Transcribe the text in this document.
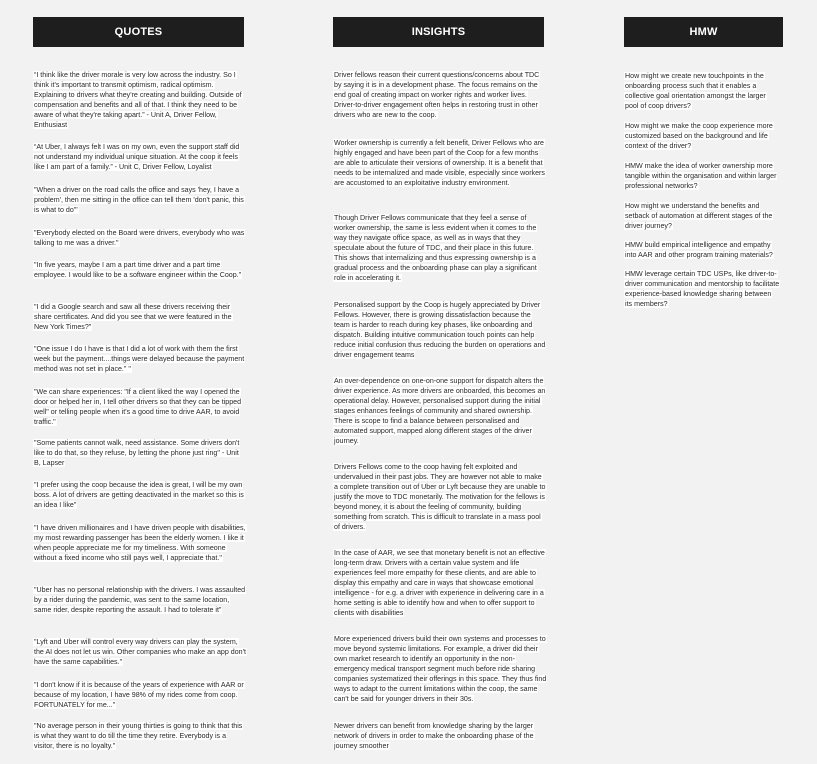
QUOTES	INSIGHTS	HMW

“I think like the driver morale is very low across the industry. So I think it's important to transmit optimism, radical optimism. Explaining to drivers what they're creating and building. Outside of compensation and benefits and all of that. I think they need to be aware of what they're taking apart.” - Unit A, Driver Fellow, Enthusiast

“At Uber, I always felt I was on my own, even the support staff did not understand my individual unique situation. At the coop it feels like I am part of a family.” - Unit C, Driver Fellow, Loyalist

"When a driver on the road calls the office and says 'hey, I have a problem', then me sitting in the office can tell them 'don't panic, this is what to do'"

"Everybody elected on the Board were drivers, everybody who was talking to me was a driver."

"In five years, maybe I am a part time driver and a part time employee. I would like to be a software engineer within the Coop."

"I did a Google search and saw all these drivers receiving their share certificates. And did you see that we were featured in the New York Times?"

"One issue I do I have is that I did a lot of work with them the first week but the payment....things were delayed because the payment method was not set in place." "

"We can share experiences: "If a client liked the way I opened the door or helped her in, I tell other drivers so that they can be tipped well" or telling people when it's a good time to drive AAR, to avoid traffic."

"Some patients cannot walk, need assistance. Some drivers don't like to do that, so they refuse, by letting the phone just ring" - Unit B, Lapser

"I prefer using the coop because the idea is great, I will be my own boss. A lot of drivers are getting deactivated in the market so this is an idea I like"

"I have driven millionaires and I have driven people with disabilities, my most rewarding passenger has been the elderly women. I like it when people appreciate me for my timeliness. With someone without a fixed income who still pays well, I appreciate that."

"Uber has no personal relationship with the drivers. I was assaulted by a rider during the pandemic, was sent to the same location, same rider, despite reporting the assault. I had to tolerate it"

"Lyft and Uber will control every way drivers can play the system, the AI does not let us win. Other companies who make an app don't have the same capabilities."

"I don't know if it is because of the years of experience with AAR or because of my location, I have 98% of my rides come from coop. FORTUNATELY for me..."

"No average person in their young thirties is going to think that this is what they want to do till the time they retire. Everybody is a visitor, there is no loyalty."

Driver fellows reason their current questions/concerns about TDC by saying it is in a development phase. The focus remains on the end goal of creating impact on worker rights and worker lives.
Driver-to-driver engagement often helps in restoring trust in other drivers who are new to the coop.

Worker ownership is currently a felt benefit, Driver Fellows who are highly engaged and have been part of the Coop for a few months are able to articulate their versions of ownership. It is a benefit that needs to be internalized and made visible, especially since workers are accustomed to an exploitative industry environment.

Though Driver Fellows communicate that they feel a sense of worker ownership, the same is less evident when it comes to the way they navigate office space, as well as in ways that they speculate about the future of TDC, and their place in this future. This shows that internalizing and thus expressing ownership is a gradual process and the onboarding phase can play a significant role in accelerating it.

Personalised support by the Coop is hugely appreciated by Driver Fellows. However, there is growing dissatisfaction because the team is harder to reach during key phases, like onboarding and dispatch. Building intuitive communication touch points can help reduce initial confusion thus reducing the burden on operations and driver engagement teams

An over-dependence on one-on-one support for dispatch alters the driver experience. As more drivers are onboarded, this becomes an operational delay. However, personalised support during the initial stages enhances feelings of community and shared ownership. There is scope to find a balance between personalised and automated support, mapped along different stages of the driver journey.

Drivers Fellows come to the coop having felt exploited and undervalued in their past jobs. They are however not able to make a complete transition out of Uber or Lyft because they are unable to justify the move to TDC monetarily. The motivation for the fellows is beyond money, it is about the feeling of community, building something from scratch. This is difficult to translate in a mass pool of drivers.

In the case of AAR, we see that monetary benefit is not an effective long-term draw. Drivers with a certain value system and life experiences feel more empathy for these clients, and are able to display this empathy and care in ways that showcase emotional intelligence - for e.g. a driver with experience in delivering care in a home setting is able to identify how and when to offer support to clients with disabilities

More experienced drivers build their own systems and processes to move beyond systemic limitations. For example, a driver did their own market research to identify an opportunity in the non-emergency medical transport segment much before ride sharing companies systematized their offerings in this space. They thus find ways to adapt to the current limitations within the coop, the same can't be said for younger drivers in their 30s.

Newer drivers can benefit from knowledge sharing by the larger network of drivers in order to make the onboarding phase of the journey smoother

How might we create new touchpoints in the onboarding process such that it enables a collective goal orientation amongst the larger pool of coop drivers?

How might we make the coop experience more customized based on the background and life context of the driver?

HMW make the idea of worker ownership more tangible within the organisation and within larger professional networks?

How might we understand the benefits and setback of automation at different stages of the driver journey?

HMW build empirical intelligence and empathy into AAR and other program training materials?

HMW leverage certain TDC USPs, like driver-to-driver communication and mentorship to facilitate experience-based knowledge sharing between its members?
